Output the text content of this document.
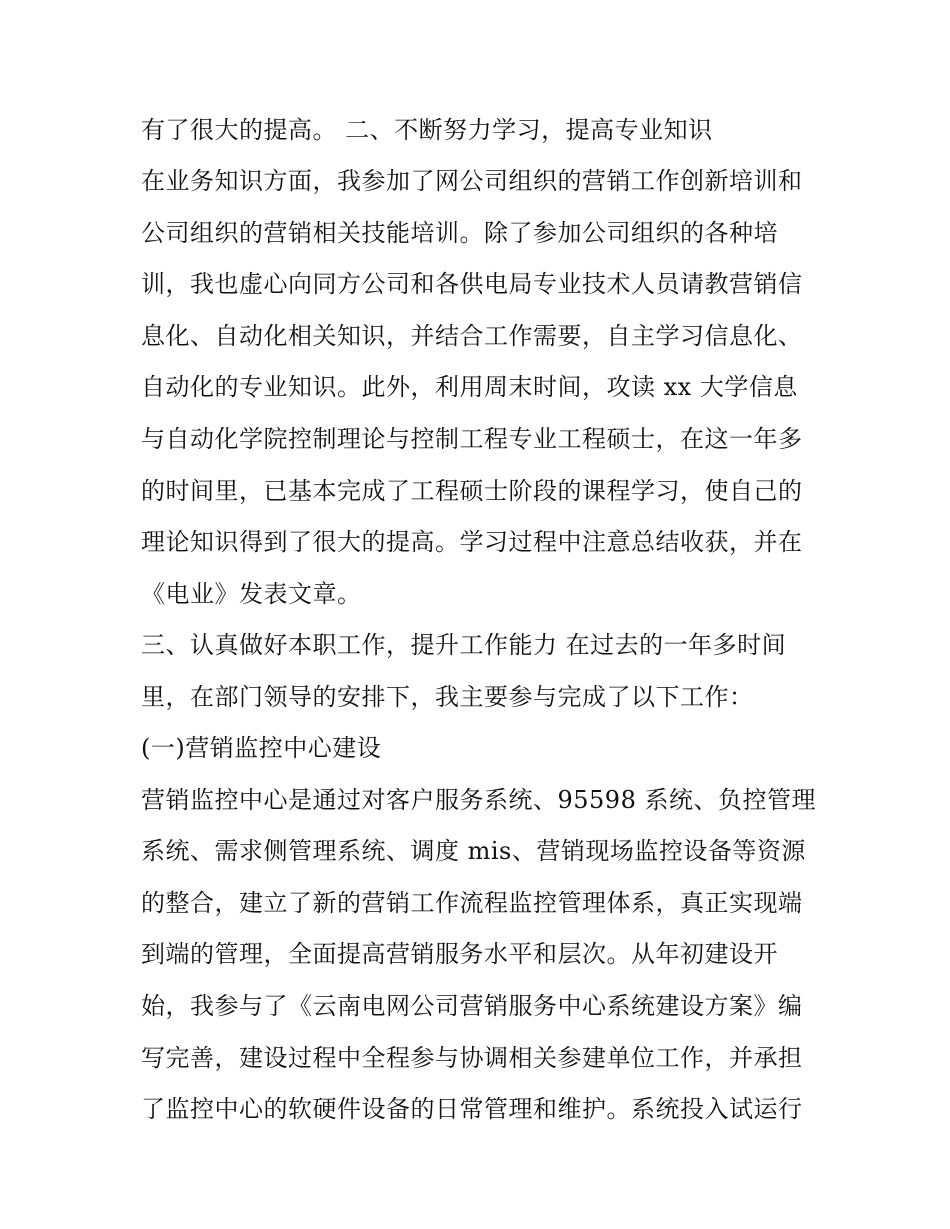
有了很大的提高。 二、不断努力学习，提高专业知识
在业务知识方面，我参加了网公司组织的营销工作创新培训和
公司组织的营销相关技能培训。除了参加公司组织的各种培
训，我也虚心向同方公司和各供电局专业技术人员请教营销信
息化、自动化相关知识，并结合工作需要，自主学习信息化、
自动化的专业知识。此外，利用周末时间，攻读 xx 大学信息
与自动化学院控制理论与控制工程专业工程硕士，在这一年多
的时间里，已基本完成了工程硕士阶段的课程学习，使自己的
理论知识得到了很大的提高。学习过程中注意总结收获，并在
《电业》发表文章。
三、认真做好本职工作，提升工作能力 在过去的一年多时间
里，在部门领导的安排下，我主要参与完成了以下工作：
(一)营销监控中心建设
营销监控中心是通过对客户服务系统、95598 系统、负控管理
系统、需求侧管理系统、调度 mis、营销现场监控设备等资源
的整合，建立了新的营销工作流程监控管理体系，真正实现端
到端的管理，全面提高营销服务水平和层次。从年初建设开
始，我参与了《云南电网公司营销服务中心系统建设方案》编
写完善，建设过程中全程参与协调相关参建单位工作，并承担
了监控中心的软硬件设备的日常管理和维护。系统投入试运行
